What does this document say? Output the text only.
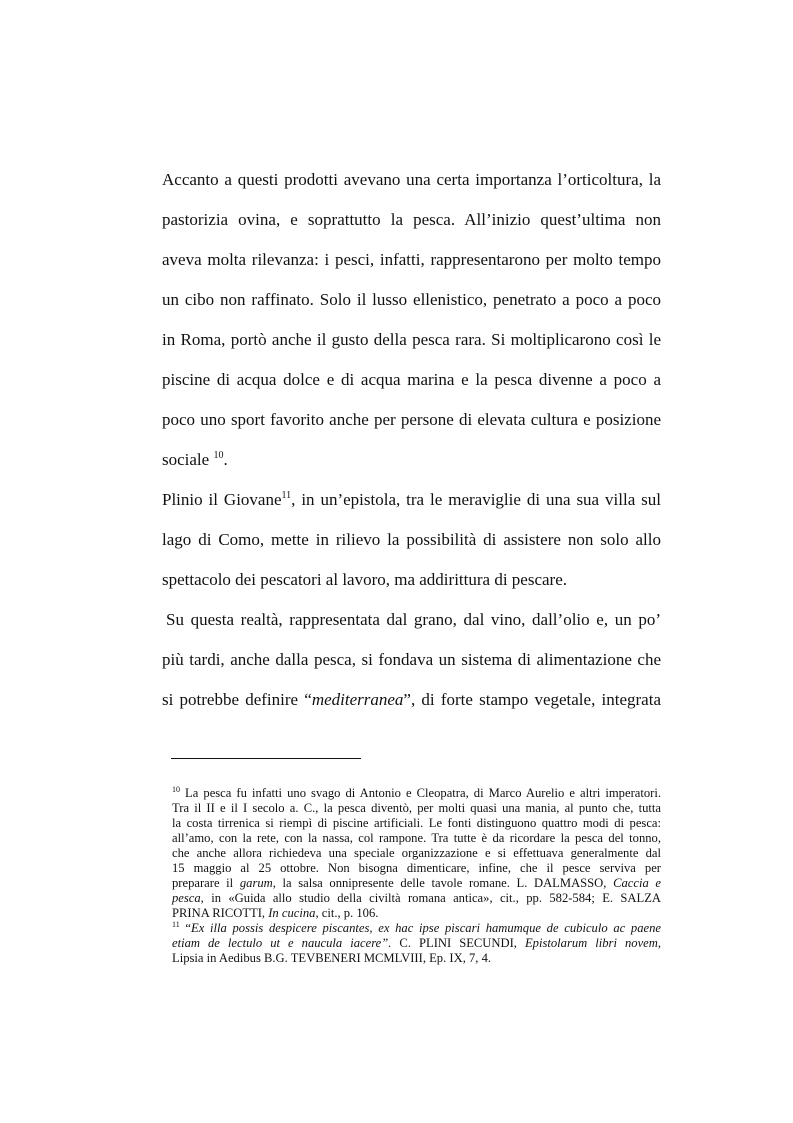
Accanto a questi prodotti avevano una certa importanza l’orticoltura, la
pastorizia ovina, e soprattutto la pesca. All’inizio quest’ultima non
aveva molta rilevanza: i pesci, infatti, rappresentarono per molto tempo
un cibo non raffinato. Solo il lusso ellenistico, penetrato a poco a poco
in Roma, portò anche il gusto della pesca rara. Si moltiplicarono così le
piscine di acqua dolce e di acqua marina e la pesca divenne a poco a
poco uno sport favorito anche per persone di elevata cultura e posizione
sociale $^{10}$.
Plinio il Giovane$^{11}$, in un’epistola, tra le meraviglie di una sua villa sul
lago di Como, mette in rilievo la possibilità di assistere non solo allo
spettacolo dei pescatori al lavoro, ma addirittura di pescare.
Su questa realtà, rappresentata dal grano, dal vino, dall’olio e, un po’
più tardi, anche dalla pesca, si fondava un sistema di alimentazione che
si potrebbe definire “mediterranea”, di forte stampo vegetale, integrata
$^{10}$ La pesca fu infatti uno svago di Antonio e Cleopatra, di Marco Aurelio e altri imperatori.
Tra il II e il I secolo a. C., la pesca diventò, per molti quasi una mania, al punto che, tutta
la costa tirrenica si riempì di piscine artificiali. Le fonti distinguono quattro modi di pesca:
all’amo, con la rete, con la nassa, col rampone. Tra tutte è da ricordare la pesca del tonno,
che anche allora richiedeva una speciale organizzazione e si effettuava generalmente dal
15 maggio al 25 ottobre. Non bisogna dimenticare, infine, che il pesce serviva per
preparare il garum, la salsa onnipresente delle tavole romane. L. DALMASSO, Caccia e
pesca, in «Guida allo studio della civiltà romana antica», cit., pp. 582-584; E. SALZA
PRINA RICOTTI, In cucina, cit., p. 106.
$^{11}$ “Ex illa possis despicere piscantes, ex hac ipse piscari hamumque de cubiculo ac paene
etiam de lectulo ut e naucula iacere”. C. PLINI SECUNDI, Epistolarum libri novem,
Lipsia in Aedibus B.G. TEVBENERI MCMLVIII, Ep. IX, 7, 4.
